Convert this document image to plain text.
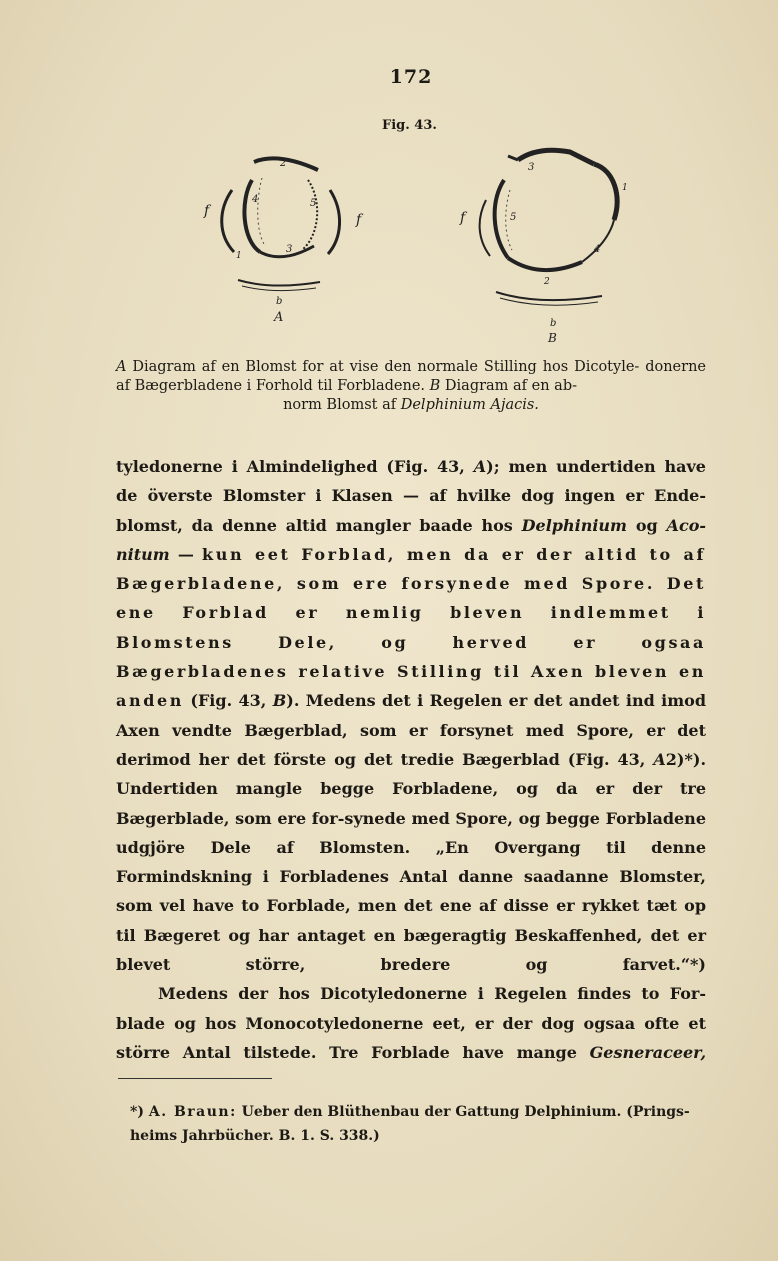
172
Fig. 43.
2
4	5
3
1
f
f
b
A
3
1
5
4
2
f
b
B
A Diagram af en Blomst for at vise den normale Stilling hos Dicotyle- donerne af Bægerbladene i Forhold til Forbladene. B Diagram af en ab-
norm Blomst af Delphinium Ajacis.
tyledonerne i Almindelighed (Fig. 43, A); men undertiden have de överste Blomster i Klasen — af hvilke dog ingen er Ende-blomst, da denne altid mangler baade hos Delphinium og Aco-nitum — kun eet Forblad, men da er der altid to af Bægerbladene, som ere forsynede med Spore. Det ene Forblad er nemlig bleven indlemmet i Blomstens Dele, og herved er ogsaa Bægerbladenes relative Stilling til Axen bleven en anden (Fig. 43, B). Medens det i Regelen er det andet ind imod Axen vendte Bægerblad, som er forsynet med Spore, er det derimod her det förste og det tredie Bægerblad (Fig. 43, A2)*). Undertiden mangle begge Forbladene, og da er der tre Bægerblade, som ere for-synede med Spore, og begge Forbladene udgjöre Dele af Blomsten. „En Overgang til denne Formindskning i Forbladenes Antal danne saadanne Blomster, som vel have to Forblade, men det ene af disse er rykket tæt op til Bægeret og har antaget en bægeragtig Beskaffenhed, det er blevet större, bredere og farvet.“*)
Medens der hos Dicotyledonerne i Regelen findes to For-blade og hos Monocotyledonerne eet, er der dog ogsaa ofte et större Antal tilstede. Tre Forblade have mange Gesneraceer,
*) A. Braun: Ueber den Blüthenbau der Gattung Delphinium. (Prings-heims Jahrbücher. B. 1. S. 338.)
